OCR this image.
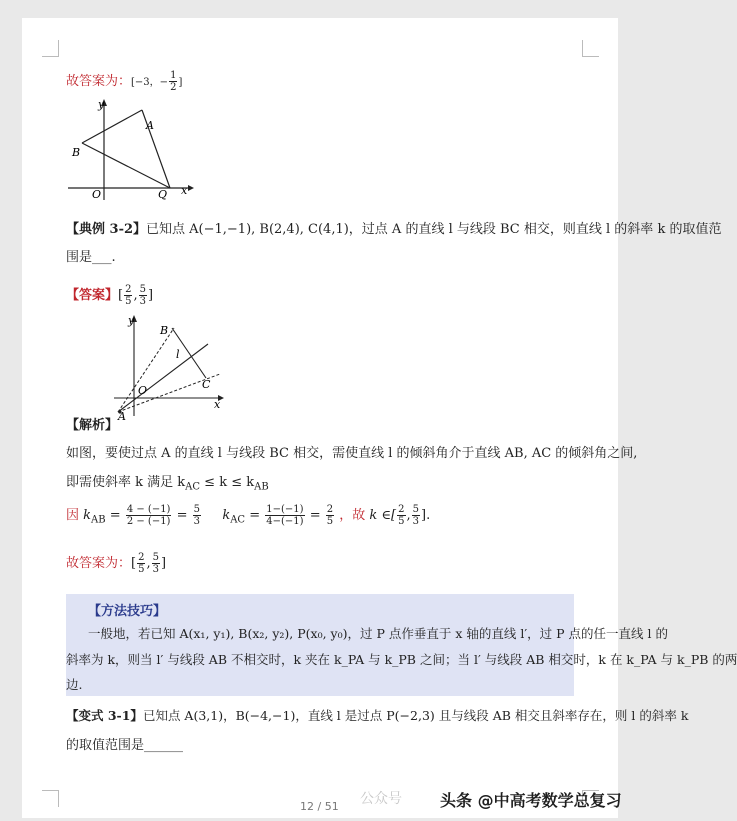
故答案为：[−3，− $\frac{1}{2}$ ]
y
x
A
B
O	Q
【典例 3-2】已知点 A(−1,−1), B(2,4), C(4,1)，过点 A 的直线 l 与线段 BC 相交，则直线 l 的斜率 k 的取值范
围是___.
【答案】[ $\frac{2}{5}$ , $\frac{5}{3}$ ]
y
x
B
C
O
A
l
【解析】
如图，要使过点 A 的直线 l 与线段 BC 相交，需使直线 l 的倾斜角介于直线 AB, AC 的倾斜角之间,
即需使斜率 k 满足 $k_{AC} \le k \le k_{AB}$
因 $k_{AB} = \frac{4 - (-1)}{2 - (-1)} = \frac{5}{3} k_{AC} = \frac{1-(-1)}{4-(-1)} = \frac{2}{5}$ ，故 k ∈[ $\frac{2}{5}$ , $\frac{5}{3}$ ].
故答案为：[ $\frac{2}{5}$ , $\frac{5}{3}$ ]
【方法技巧】
一般地，若已知 A(x₁, y₁), B(x₂, y₂), P(x₀, y₀)，过 P 点作垂直于 x 轴的直线 l′，过 P 点的任一直线 l 的
斜率为 k，则当 l′ 与线段 AB 不相交时，k 夹在 k_PA 与 k_PB 之间；当 l′ 与线段 AB 相交时，k 在 k_PA 与 k_PB 的两
边.
【变式 3-1】已知点 A(3,1)，B(−4,−1)，直线 l 是过点 P(−2,3) 且与线段 AB 相交且斜率存在，则 l 的斜率 k
的取值范围是______
12 / 51 公众号 头条 @中高考数学总复习
